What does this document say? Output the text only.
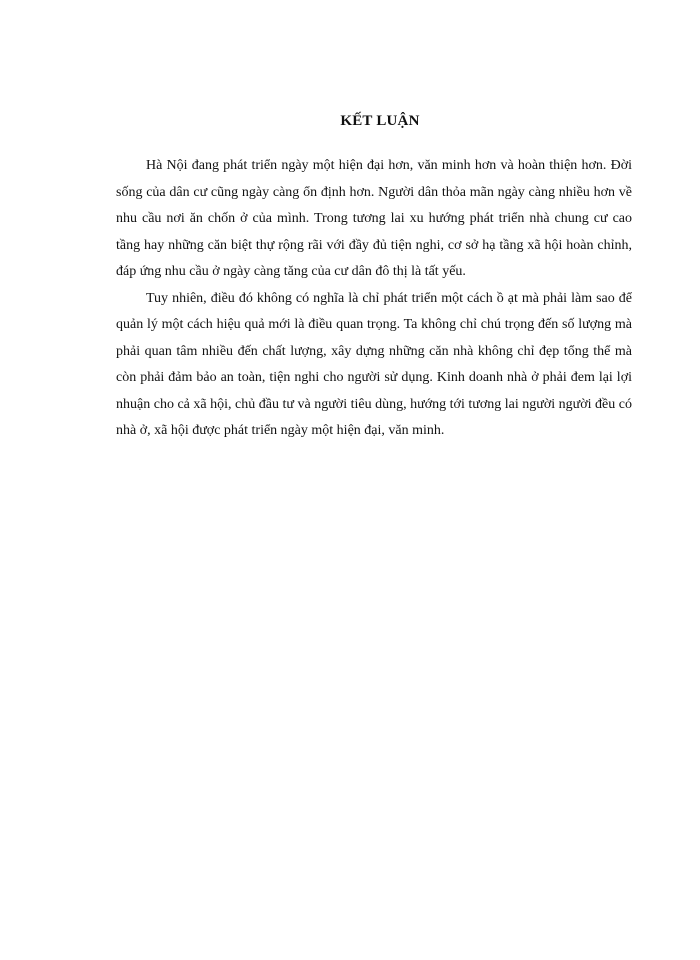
KẾT LUẬN

Hà Nội đang phát triển ngày một hiện đại hơn, văn minh hơn và hoàn thiện hơn. Đời sống của dân cư cũng ngày càng ổn định hơn. Người dân thỏa mãn ngày càng nhiều hơn về nhu cầu nơi ăn chốn ở của mình. Trong tương lai xu hướng phát triển nhà chung cư cao tầng hay những căn biệt thự rộng rãi với đầy đủ tiện nghi, cơ sở hạ tầng xã hội hoàn chỉnh, đáp ứng nhu cầu ở ngày càng tăng của cư dân đô thị là tất yếu.

Tuy nhiên, điều đó không có nghĩa là chỉ phát triển một cách ồ ạt mà phải làm sao để quản lý một cách hiệu quả mới là điều quan trọng. Ta không chỉ chú trọng đến số lượng mà phải quan tâm nhiều đến chất lượng, xây dựng những căn nhà không chỉ đẹp tổng thể mà còn phải đảm bảo an toàn, tiện nghi cho người sử dụng. Kinh doanh nhà ở phải đem lại lợi nhuận cho cả xã hội, chủ đầu tư và người tiêu dùng, hướng tới tương lai người người đều có nhà ở, xã hội được phát triển ngày một hiện đại, văn minh.
